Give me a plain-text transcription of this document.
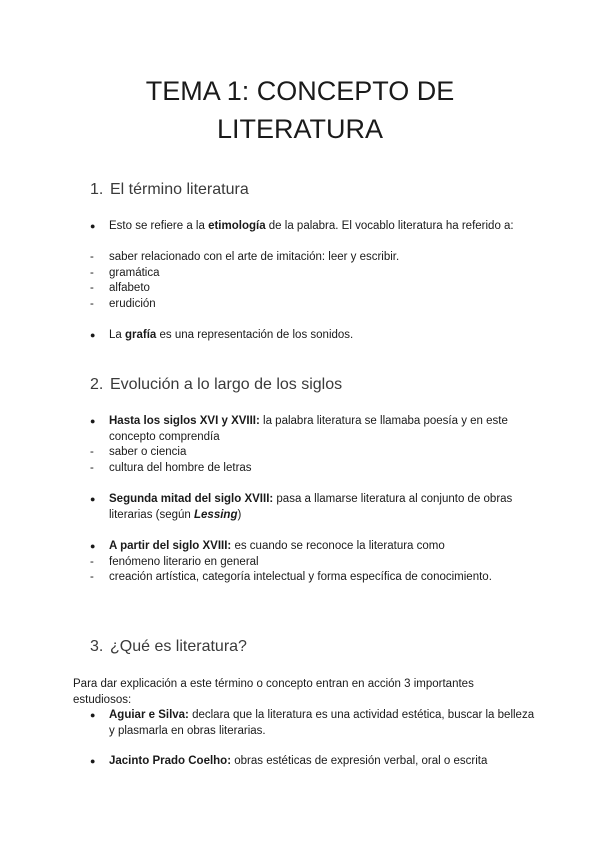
TEMA 1: CONCEPTO DE
LITERATURA
1. El término literatura
●	Esto se refiere a la etimología de la palabra. El vocablo literatura ha referido a:
-	saber relacionado con el arte de imitación: leer y escribir.
-	gramática
-	alfabeto
-	erudición
●	La grafía es una representación de los sonidos.
2. Evolución a lo largo de los siglos
●	Hasta los siglos XVI y XVIII: la palabra literatura se llamaba poesía y en este concepto comprendía
-	saber o ciencia
-	cultura del hombre de letras
●	Segunda mitad del siglo XVIII: pasa a llamarse literatura al conjunto de obras literarias (según Lessing)
●	A partir del siglo XVIII: es cuando se reconoce la literatura como
-	fenómeno literario en general
-	creación artística, categoría intelectual y forma específica de conocimiento.
3. ¿Qué es literatura?
Para dar explicación a este término o concepto entran en acción 3 importantes estudiosos:
●	Aguiar e Silva: declara que la literatura es una actividad estética, buscar la belleza y plasmarla en obras literarias.
●	Jacinto Prado Coelho: obras estéticas de expresión verbal, oral o escrita
